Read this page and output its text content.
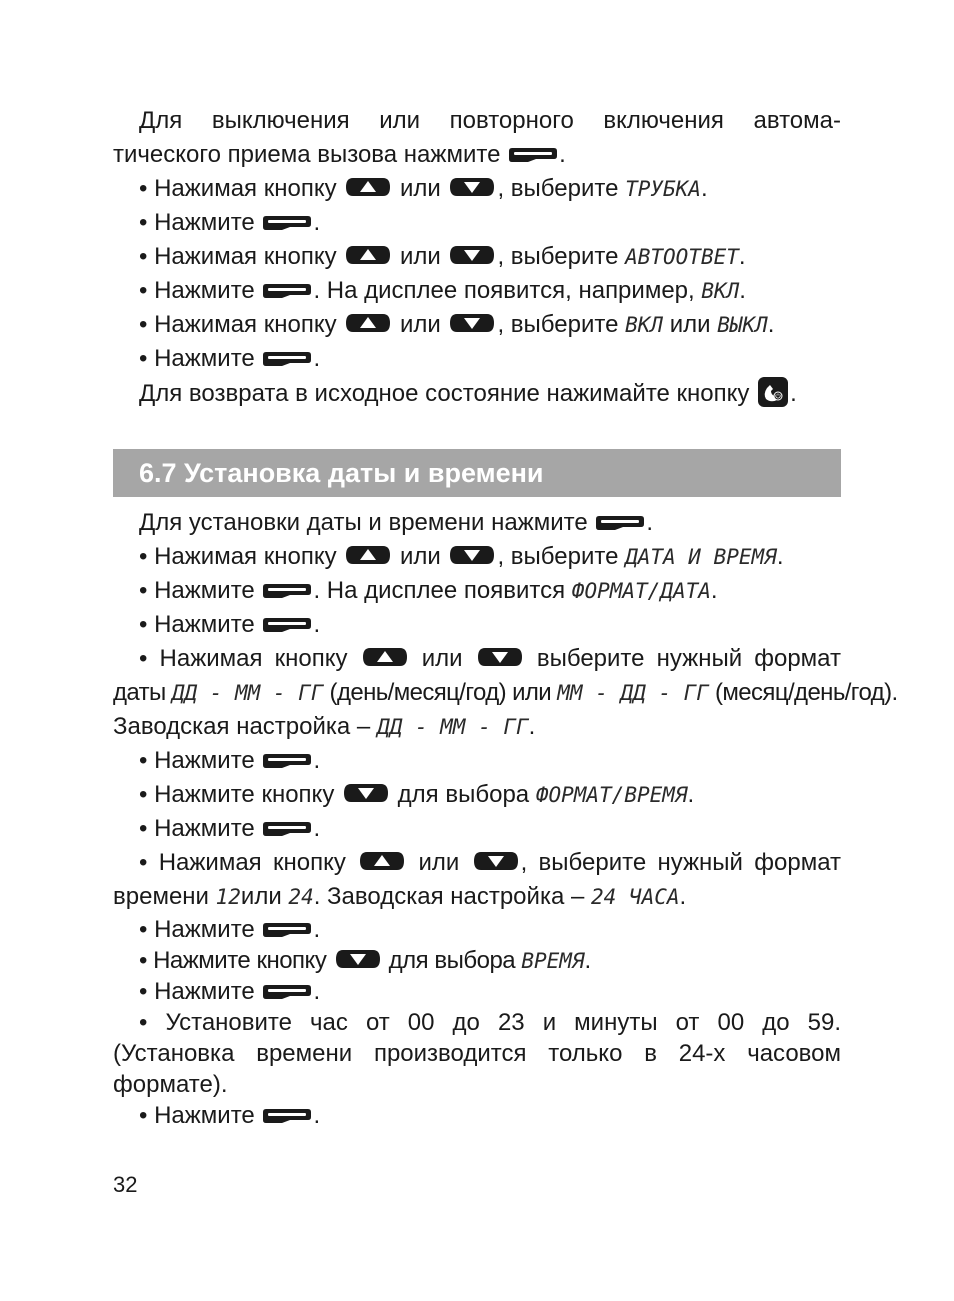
Для выключения или повторного включения автома-
тического приема вызова нажмите .
• Нажимая кнопку	или , выберите ТРУБКА.
• Нажмите .
• Нажимая кнопку	или , выберите АВТООТВЕТ.
• Нажмите . На дисплее появится, например, ВКЛ.
• Нажимая кнопку	или , выберите ВКЛ или ВЫКЛ.
• Нажмите .
Для возврата в исходное состояние нажимайте кнопку .
6.7 Установка даты и времени
Для установки даты и времени нажмите .
• Нажимая кнопку	или , выберите ДАТА И ВРЕМЯ.
• Нажмите . На дисплее появится ФОРМАТ/ДАТА.
• Нажмите .
• Нажимая кнопку	или	выберите нужный формат
даты ДД - ММ - ГГ (день/месяц/год) или ММ - ДД - ГГ (месяц/день/год).
Заводская настройка – ДД - ММ - ГГ.
• Нажмите .
• Нажмите кнопку	для выбора ФОРМАТ/ВРЕМЯ.
• Нажмите .
• Нажимая кнопку	или	, выберите нужный формат
времени 12или 24. Заводская настройка – 24 ЧАСА.
• Нажмите .
• Нажмите кнопку	для выбора ВРЕМЯ.
• Нажмите .
• Установите час от 00 до 23 и минуты от 00 до 59.
(Установка времени производится только в 24-х часовом
формате).
• Нажмите .
32
